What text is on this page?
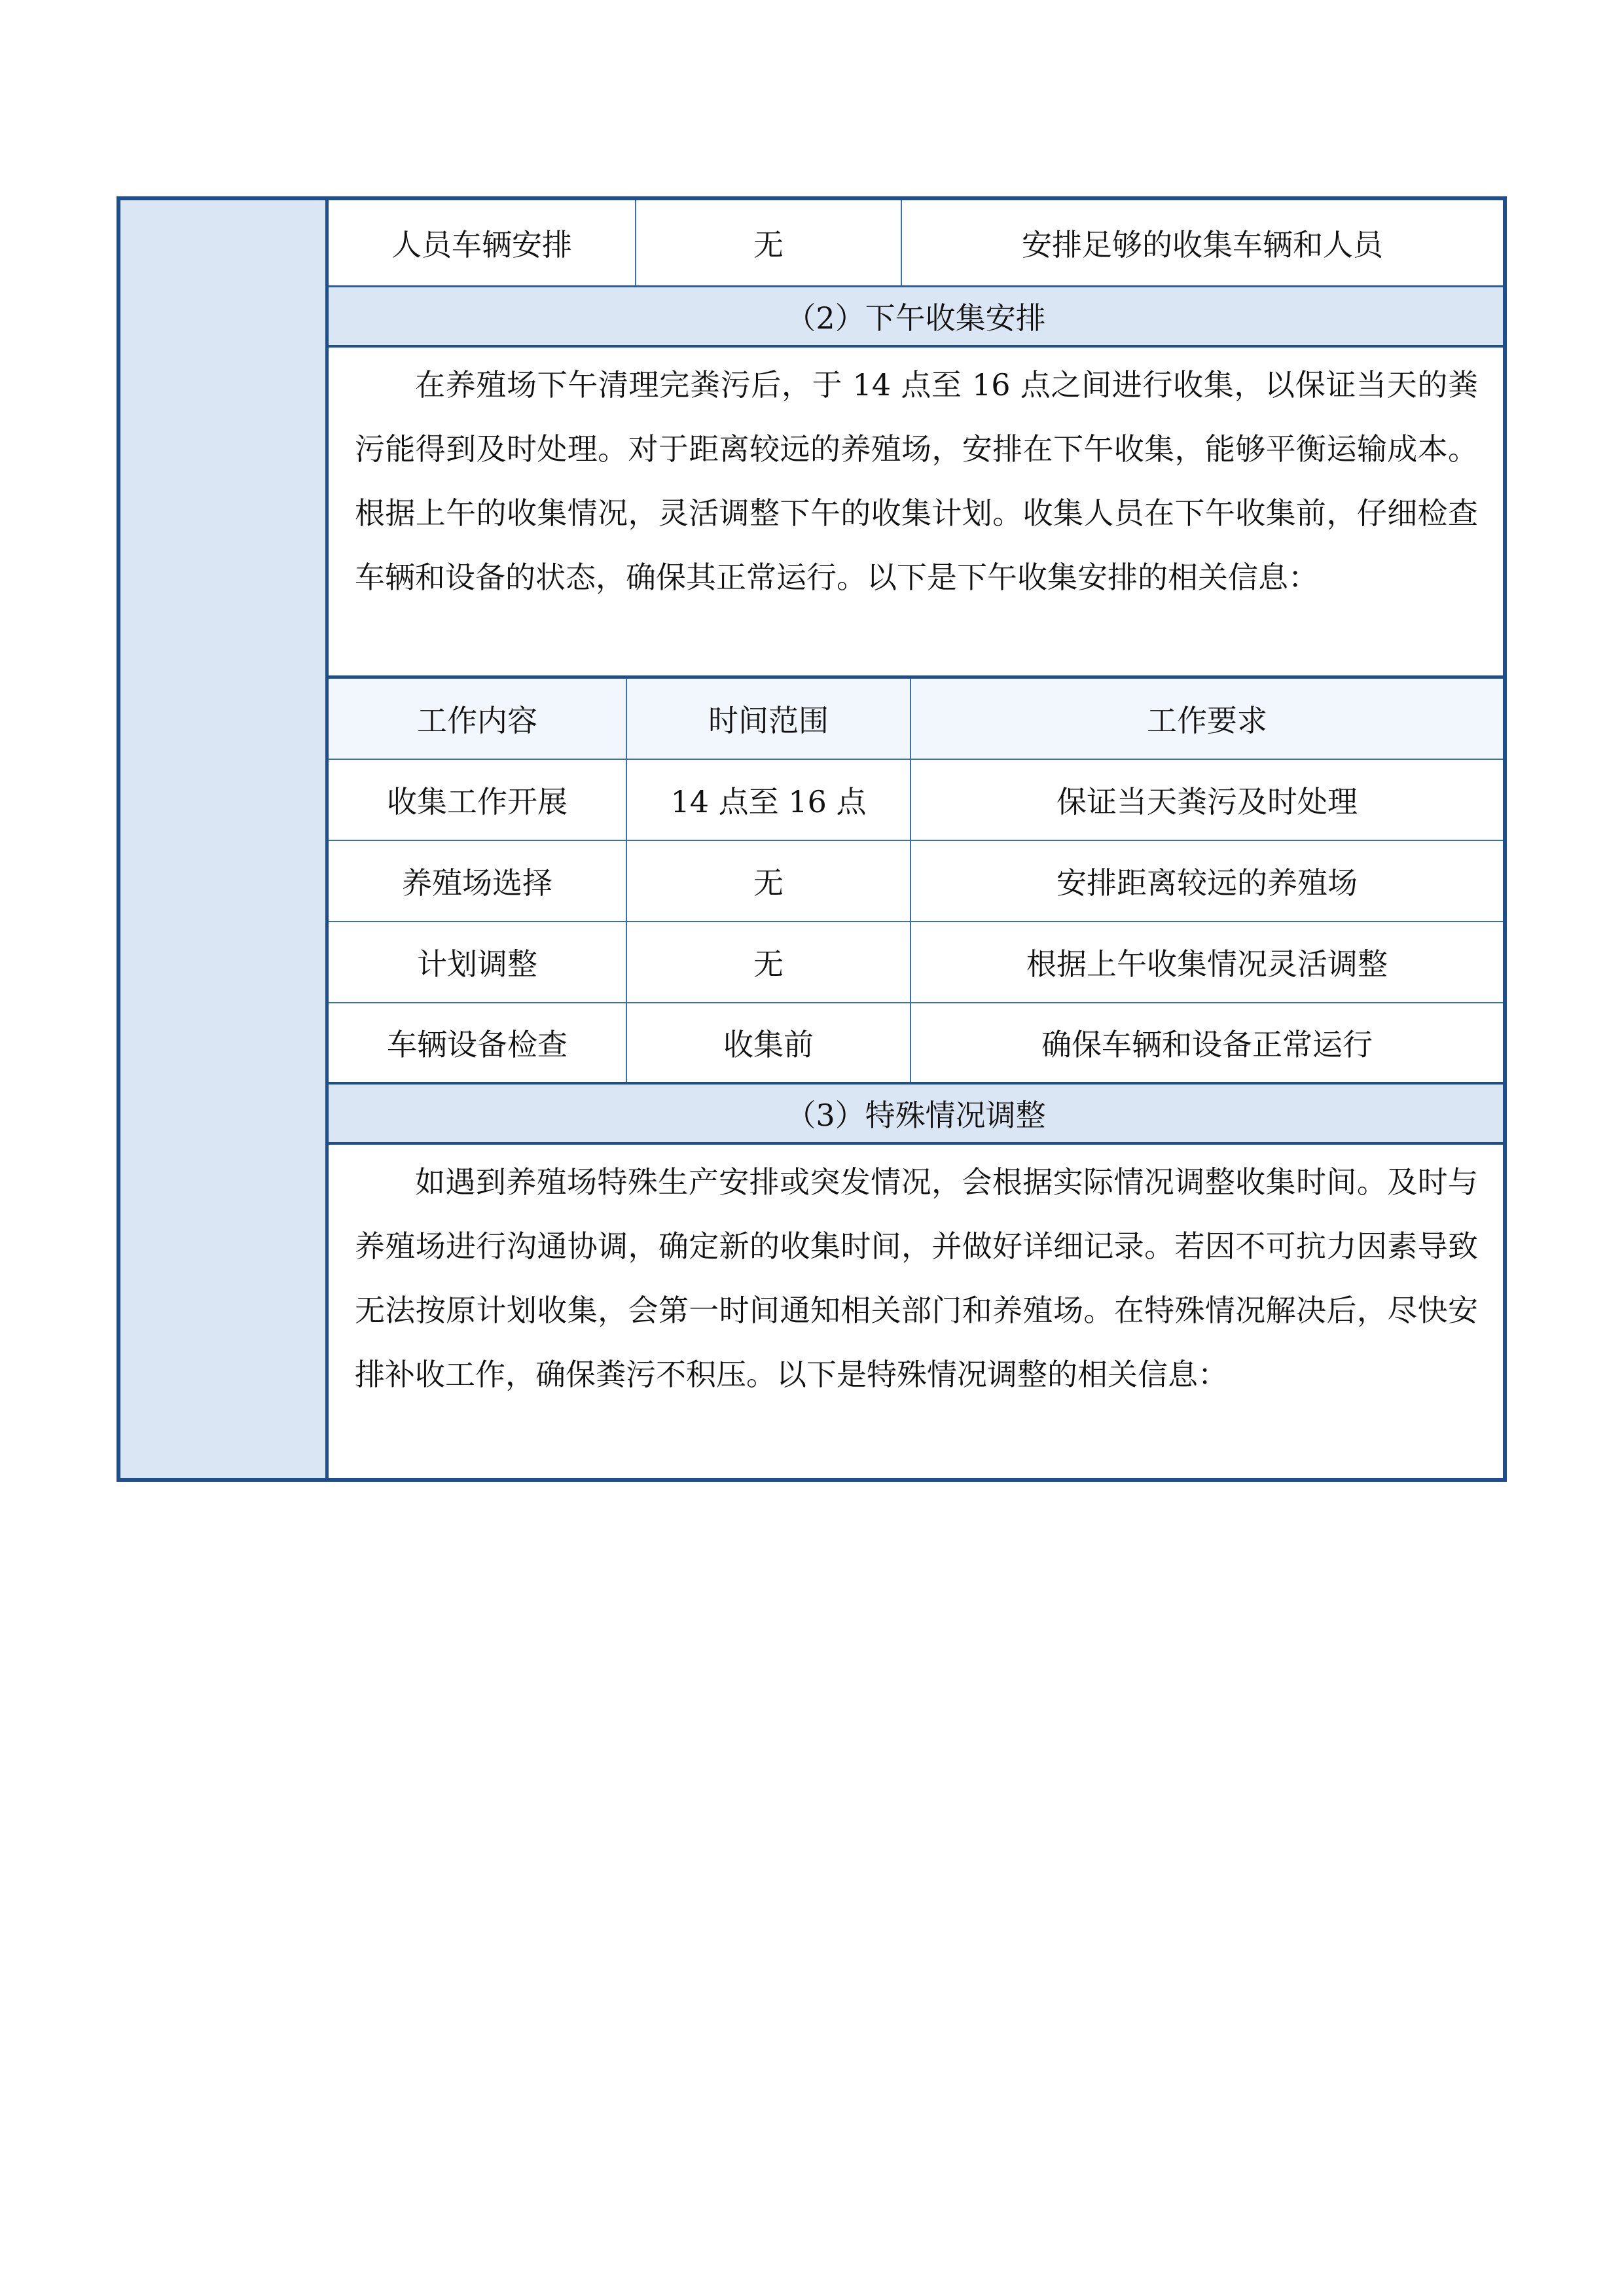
人员车辆安排	无	安排足够的收集车辆和人员
（2）下午收集安排
在养殖场下午清理完粪污后，于 14 点至 16 点之间进行收集，以保证当天的粪污能得到及时处理。对于距离较远的养殖场，安排在下午收集，能够平衡运输成本。根据上午的收集情况，灵活调整下午的收集计划。收集人员在下午收集前，仔细检查车辆和设备的状态，确保其正常运行。以下是下午收集安排的相关信息：
工作内容	时间范围	工作要求
收集工作开展	14 点至 16 点	保证当天粪污及时处理
养殖场选择	无	安排距离较远的养殖场
计划调整	无	根据上午收集情况灵活调整
车辆设备检查	收集前	确保车辆和设备正常运行
（3）特殊情况调整
如遇到养殖场特殊生产安排或突发情况，会根据实际情况调整收集时间。及时与养殖场进行沟通协调，确定新的收集时间，并做好详细记录。若因不可抗力因素导致无法按原计划收集，会第一时间通知相关部门和养殖场。在特殊情况解决后，尽快安排补收工作，确保粪污不积压。以下是特殊情况调整的相关信息：
